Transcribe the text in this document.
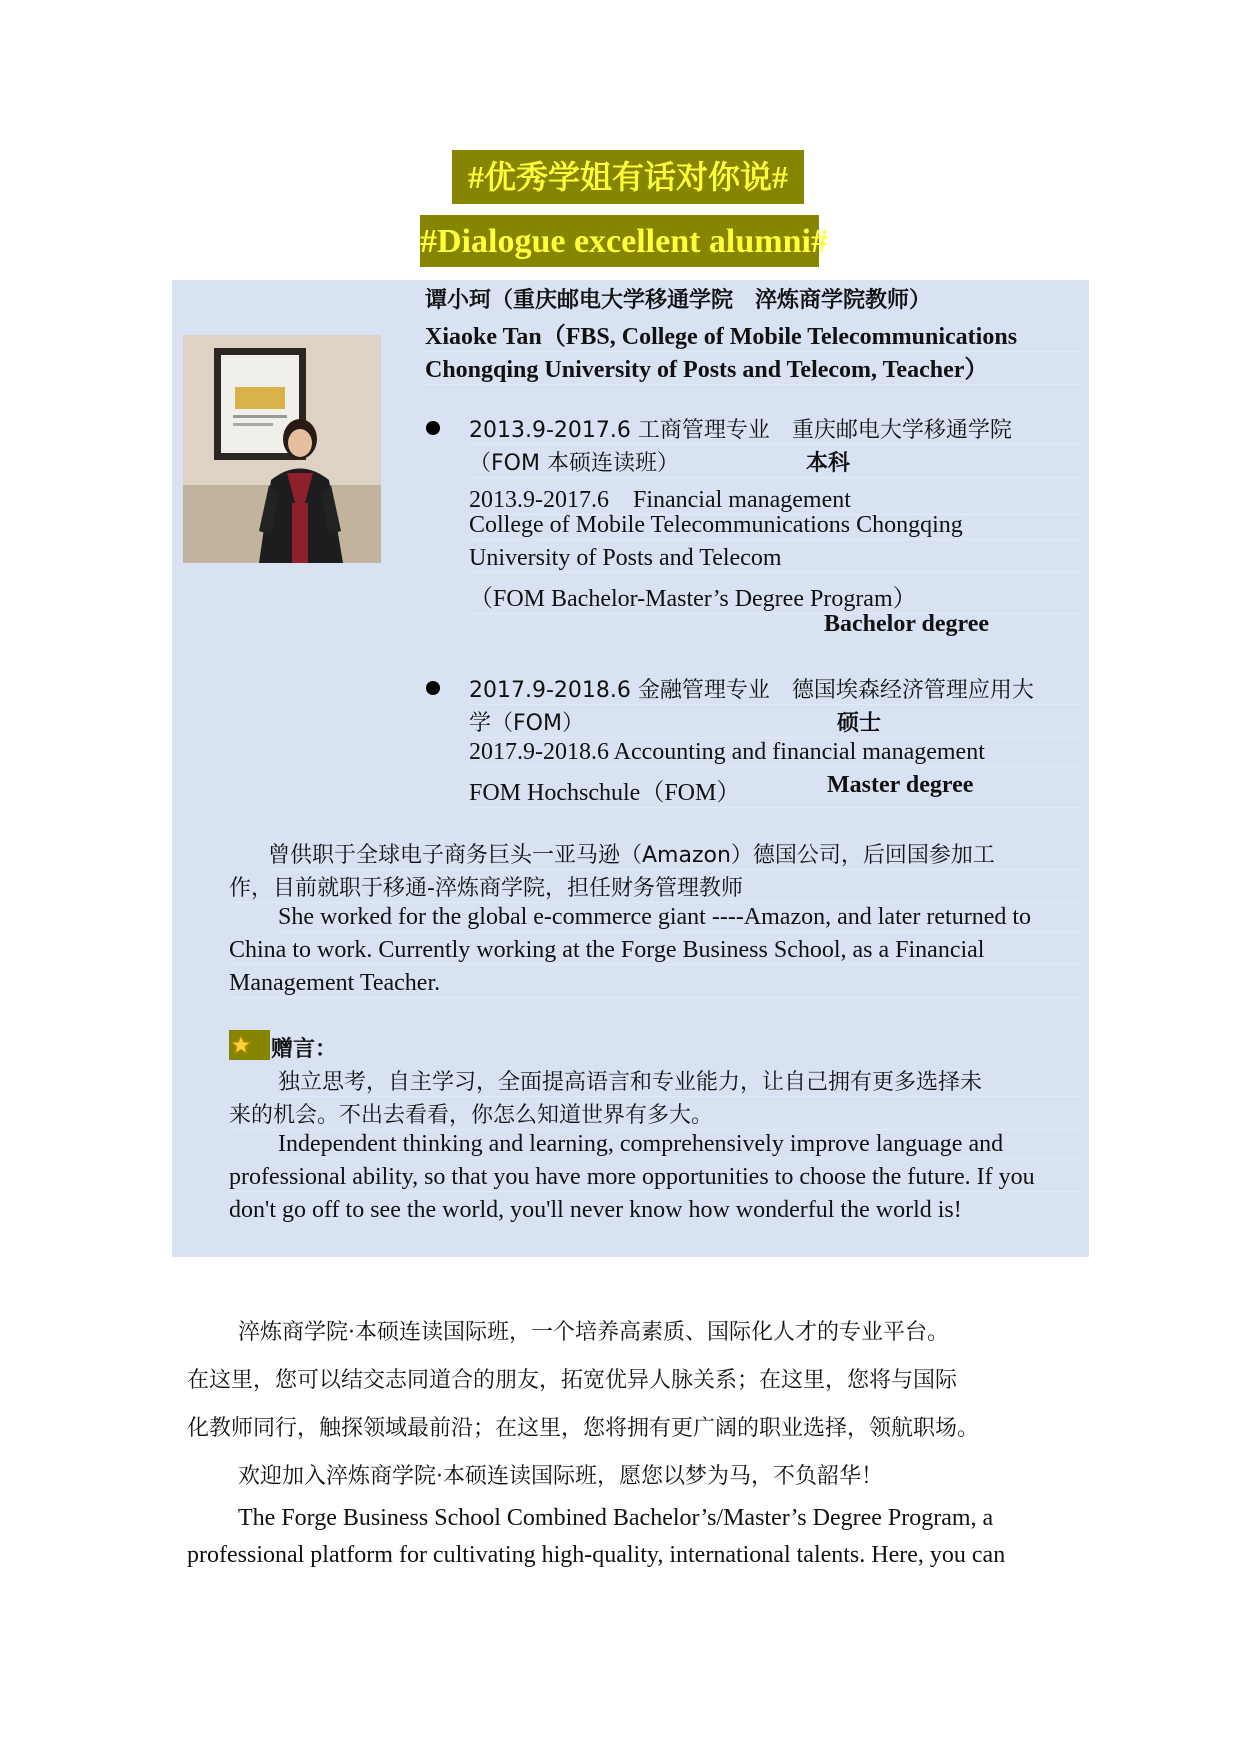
#优秀学姐有话对你说#
#Dialogue excellent alumni#
谭小珂（重庆邮电大学移通学院　淬炼商学院教师）
Xiaoke Tan（FBS, College of Mobile Telecommunications
Chongqing University of Posts and Telecom, Teacher）
2013.9-2017.6 工商管理专业　重庆邮电大学移通学院
（FOM 本硕连读班）	本科
2013.9-2017.6　Financial management
College of Mobile Telecommunications Chongqing
University of Posts and Telecom
（FOM Bachelor-Master’s Degree Program）
Bachelor degree
2017.9-2018.6 金融管理专业　德国埃森经济管理应用大
学（FOM）	硕士
2017.9-2018.6 Accounting and financial management
FOM Hochschule（FOM）	Master degree
曾供职于全球电子商务巨头一亚马逊（Amazon）德国公司，后回国参加工
作，目前就职于移通-淬炼商学院，担任财务管理教师
She worked for the global e-commerce giant ----Amazon, and later returned to
China to work. Currently working at the Forge Business School, as a Financial
Management Teacher.
赠言：
独立思考，自主学习，全面提高语言和专业能力，让自己拥有更多选择未
来的机会。不出去看看，你怎么知道世界有多大。
Independent thinking and learning, comprehensively improve language and
professional ability, so that you have more opportunities to choose the future. If you
don't go off to see the world, you'll never know how wonderful the world is!
淬炼商学院·本硕连读国际班，一个培养高素质、国际化人才的专业平台。
在这里，您可以结交志同道合的朋友，拓宽优异人脉关系；在这里，您将与国际
化教师同行，触探领域最前沿；在这里，您将拥有更广阔的职业选择，领航职场。
欢迎加入淬炼商学院·本硕连读国际班，愿您以梦为马，不负韶华！
The Forge Business School Combined Bachelor’s/Master’s Degree Program, a
professional platform for cultivating high-quality, international talents. Here, you can
